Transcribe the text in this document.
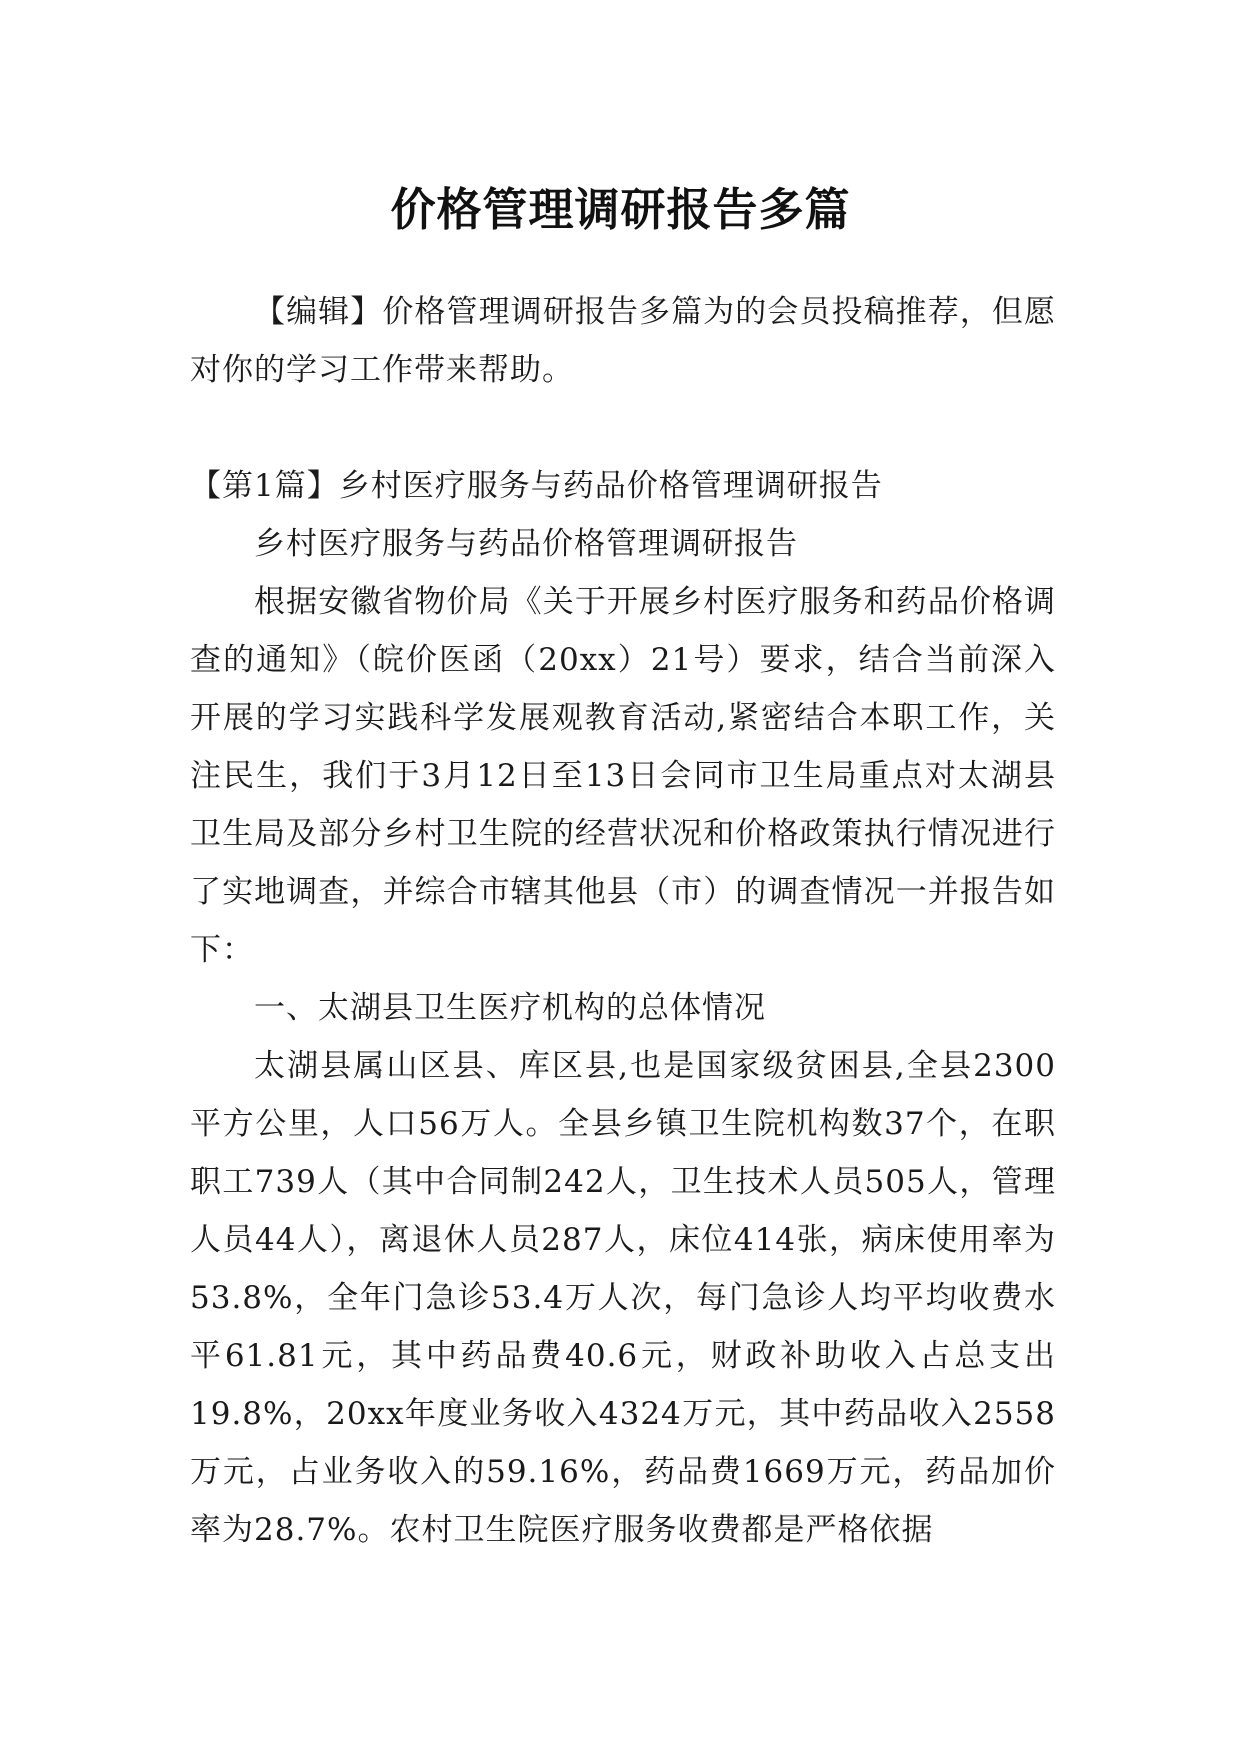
价格管理调研报告多篇

【编辑】价格管理调研报告多篇为的会员投稿推荐，但愿对你的学习工作带来帮助。

【第1篇】乡村医疗服务与药品价格管理调研报告

乡村医疗服务与药品价格管理调研报告

根据安徽省物价局《关于开展乡村医疗服务和药品价格调查的通知》（皖价医函（20xx）21号）要求，结合当前深入开展的学习实践科学发展观教育活动,紧密结合本职工作，关注民生，我们于3月12日至13日会同市卫生局重点对太湖县卫生局及部分乡村卫生院的经营状况和价格政策执行情况进行了实地调查，并综合市辖其他县（市）的调查情况一并报告如下：

一、太湖县卫生医疗机构的总体情况

太湖县属山区县、库区县,也是国家级贫困县,全县2300平方公里，人口56万人。全县乡镇卫生院机构数37个，在职职工739人（其中合同制242人，卫生技术人员505人，管理人员44人），离退休人员287人，床位414张，病床使用率为53.8%，全年门急诊53.4万人次，每门急诊人均平均收费水平61.81元，其中药品费40.6元，财政补助收入占总支出19.8%，20xx年度业务收入4324万元，其中药品收入2558万元，占业务收入的59.16%，药品费1669万元，药品加价率为28.7%。农村卫生院医疗服务收费都是严格依据
